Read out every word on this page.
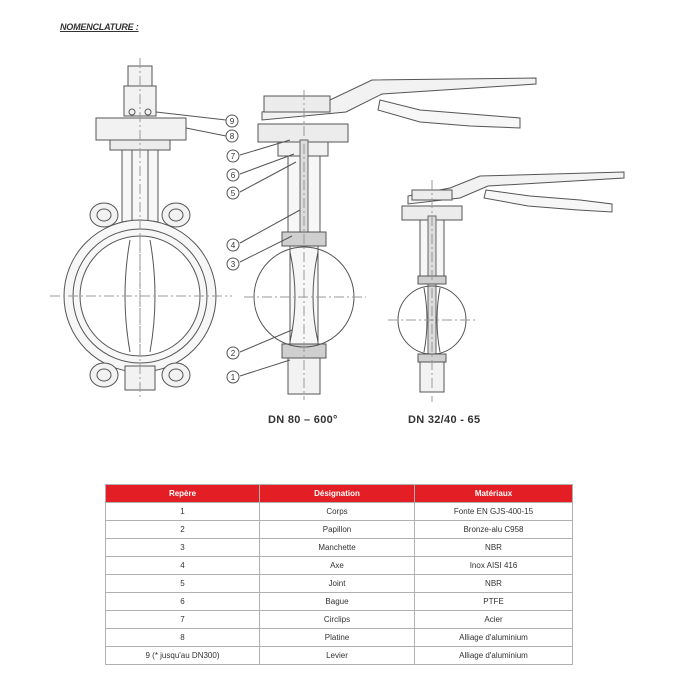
NOMENCLATURE :
9
8
7
6
5
4
3
2
1
DN 80 – 600°	DN 32/40 - 65
Repère	Désignation	Matériaux
1	Corps	Fonte EN GJS-400-15
2	Papillon	Bronze-alu C958
3	Manchette	NBR
4	Axe	Inox AISI 416
5	Joint	NBR
6	Bague	PTFE
7	Circlips	Acier
8	Platine	Alliage d'aluminium
9 (* jusqu'au DN300)	Levier	Alliage d'aluminium
